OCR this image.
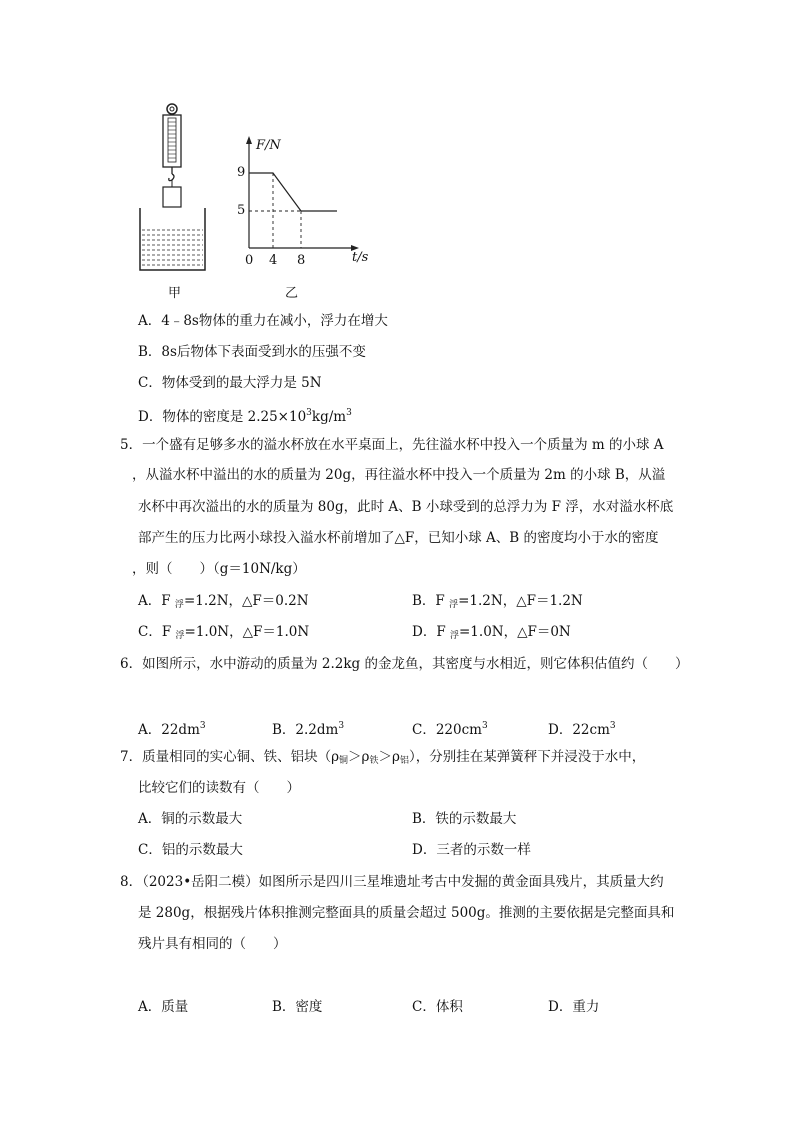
甲
F/N
9
5
0 4 8	t/s
乙
A．4﹣8s物体的重力在减小，浮力在增大
B．8s后物体下表面受到水的压强不变
C．物体受到的最大浮力是 5N
D．物体的密度是 $2.25\times 10^3kg/m^3$
5．一个盛有足够多水的溢水杯放在水平桌面上，先往溢水杯中投入一个质量为 m 的小球 A
，从溢水杯中溢出的水的质量为 20g，再往溢水杯中投入一个质量为 2m 的小球 B，从溢
水杯中再次溢出的水的质量为 80g，此时 A、B 小球受到的总浮力为 F 浮，水对溢水杯底
部产生的压力比两小球投入溢水杯前增加了△F，已知小球 A、B 的密度均小于水的密度
，则（　　）（g＝10N/kg）
A．F $_浮$=1.2N，△F＝0.2N	B．F $_浮$=1.2N，△F＝1.2N
C．F $_浮$=1.0N，△F＝1.0N	D．F $_浮$=1.0N，△F＝0N
6．如图所示，水中游动的质量为 2.2kg 的金龙鱼，其密度与水相近，则它体积估值约（　　）
A．$22dm^3$	B．$2.2dm^3$	C．$220cm^3$	D．$22cm^3$
7．质量相同的实心铜、铁、铝块$(\rho_铜>\rho_铁>\rho_铝)$，分别挂在某弹簧秤下并浸没于水中，
比较它们的读数有（　　）
A．铜的示数最大	B．铁的示数最大
C．铝的示数最大	D．三者的示数一样
8．（2023•岳阳二模）如图所示是四川三星堆遗址考古中发掘的黄金面具残片，其质量大约
是 280g，根据残片体积推测完整面具的质量会超过 500g。推测的主要依据是完整面具和
残片具有相同的（　　）
A．质量	B．密度	C．体积	D．重力
